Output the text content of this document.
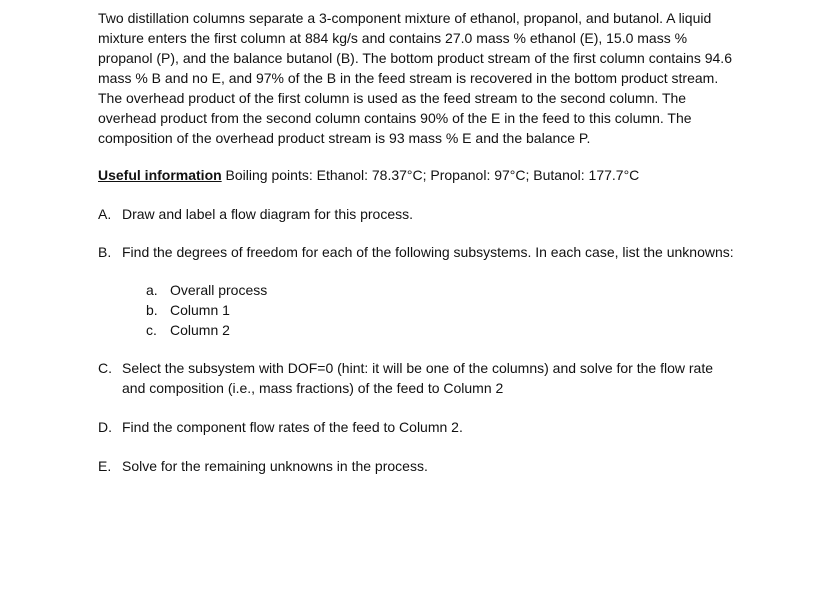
Two distillation columns separate a 3-component mixture of ethanol, propanol, and butanol. A liquid mixture enters the first column at 884 kg/s and contains 27.0 mass % ethanol (E), 15.0 mass % propanol (P), and the balance butanol (B). The bottom product stream of the first column contains 94.6 mass % B and no E, and 97% of the B in the feed stream is recovered in the bottom product stream. The overhead product of the first column is used as the feed stream to the second column. The overhead product from the second column contains 90% of the E in the feed to this column. The composition of the overhead product stream is 93 mass % E and the balance P.

Useful information Boiling points: Ethanol: 78.37°C; Propanol: 97°C; Butanol: 177.7°C

A. Draw and label a flow diagram for this process.
B. Find the degrees of freedom for each of the following subsystems. In each case, list the unknowns:
a. Overall process
b. Column 1
c. Column 2
C. Select the subsystem with DOF=0 (hint: it will be one of the columns) and solve for the flow rate and composition (i.e., mass fractions) of the feed to Column 2
D. Find the component flow rates of the feed to Column 2.
E. Solve for the remaining unknowns in the process.
